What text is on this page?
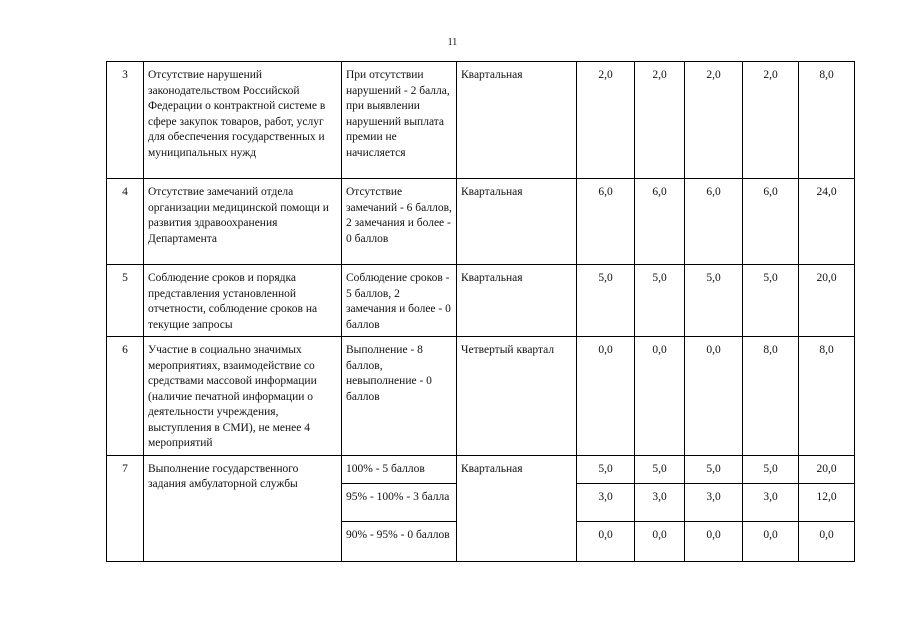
11
3	Отсутствие нарушений законодательством Российской Федерации о контрактной системе в сфере закупок товаров, работ, услуг для обеспечения государственных и муниципальных нужд	При отсутствии нарушений - 2 балла, при выявлении нарушений выплата премии не начисляется	Квартальная	2,0	2,0	2,0	2,0	8,0
4	Отсутствие замечаний отдела организации медицинской помощи и развития здравоохранения Департамента	Отсутствие замечаний - 6 баллов, 2 замечания и более - 0 баллов	Квартальная	6,0	6,0	6,0	6,0	24,0
5	Соблюдение сроков и порядка представления установленной отчетности, соблюдение сроков на текущие запросы	Соблюдение сроков - 5 баллов, 2 замечания и более - 0 баллов	Квартальная	5,0	5,0	5,0	5,0	20,0
6	Участие в социально значимых мероприятиях, взаимодействие со средствами массовой информации (наличие печатной информации о деятельности учреждения, выступления в СМИ), не менее 4 мероприятий	Выполнение - 8 баллов, невыполнение - 0 баллов	Четвертый квартал	0,0	0,0	0,0	8,0	8,0
7	Выполнение государственного задания амбулаторной службы	100% - 5 баллов	Квартальная	5,0	5,0	5,0	5,0	20,0
		95% - 100% - 3 балла		3,0	3,0	3,0	3,0	12,0
		90% - 95% - 0 баллов		0,0	0,0	0,0	0,0	0,0
